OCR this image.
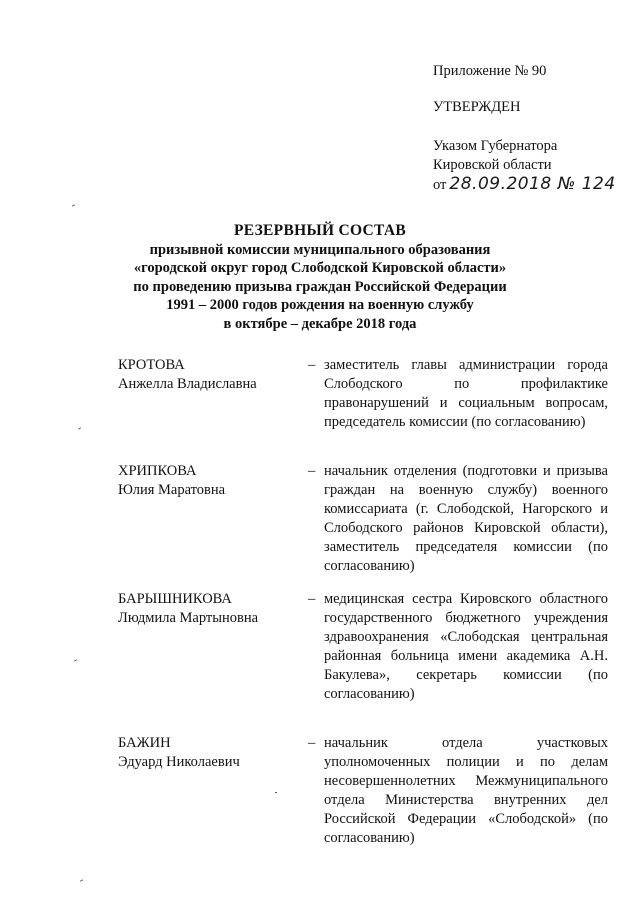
Приложение № 90
УТВЕРЖДЕН
Указом Губернатора
Кировской области
от 28.09.2018 № 124
РЕЗЕРВНЫЙ СОСТАВ
призывной комиссии муниципального образования
«городской округ город Слободской Кировской области»
по проведению призыва граждан Российской Федерации
1991 – 2000 годов рождения на военную службу
в октябре – декабре 2018 года
КРОТОВА
Анжелла Владиславна
– заместитель главы администрации города Слободского по профилактике правонарушений и социальным вопросам, председатель комиссии (по согласованию)
ХРИПКОВА
Юлия Маратовна
– начальник отделения (подготовки и призыва граждан на военную службу) военного комиссариата (г. Слободской, Нагорского и Слободского районов Кировской области), заместитель председателя комиссии (по согласованию)
БАРЫШНИКОВА
Людмила Мартыновна
– медицинская сестра Кировского областного государственного бюджетного учреждения здравоохранения «Слободская центральная районная больница имени академика А.Н. Бакулева», секретарь комиссии (по согласованию)
БАЖИН
Эдуард Николаевич
– начальник отдела участковых уполномоченных полиции и по делам несовершеннолетних Межмуниципального отдела Министерства внутренних дел Российской Федерации «Слободской» (по согласованию)
